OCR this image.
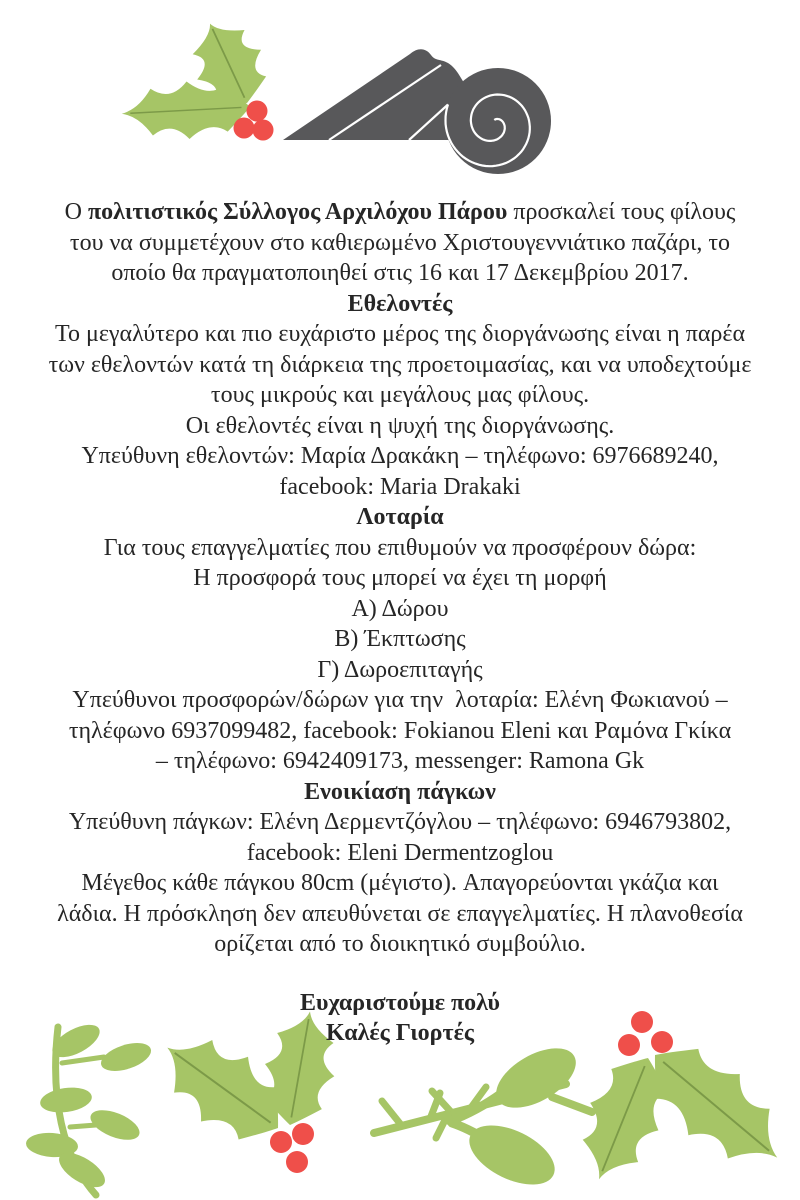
Ο πολιτιστικός Σύλλογος Αρχιλόχου Πάρου προσκαλεί τους φίλους
του να συμμετέχουν στο καθιερωμένο Χριστουγεννιάτικο παζάρι, το
οποίο θα πραγματοποιηθεί στις 16 και 17 Δεκεμβρίου 2017.
Εθελοντές
Το μεγαλύτερο και πιο ευχάριστο μέρος της διοργάνωσης είναι η παρέα
των εθελοντών κατά τη διάρκεια της προετοιμασίας, και να υποδεχτούμε
τους μικρούς και μεγάλους μας φίλους.
Οι εθελοντές είναι η ψυχή της διοργάνωσης.
Υπεύθυνη εθελοντών: Μαρία Δρακάκη – τηλέφωνο: 6976689240,
facebook: Maria Drakaki
Λοταρία
Για τους επαγγελματίες που επιθυμούν να προσφέρουν δώρα:
Η προσφορά τους μπορεί να έχει τη μορφή
Α) Δώρου
Β) Έκπτωσης
Γ) Δωροεπιταγής
Υπεύθυνοι προσφορών/δώρων για την  λοταρία: Ελένη Φωκιανού –
τηλέφωνο 6937099482, facebook: Fokianou Eleni και Ραμόνα Γκίκα
– τηλέφωνο: 6942409173, messenger: Ramona Gk
Ενοικίαση πάγκων
Υπεύθυνη πάγκων: Ελένη Δερμεντζόγλου – τηλέφωνο: 6946793802,
facebook: Eleni Dermentzoglou
Μέγεθος κάθε πάγκου 80cm (μέγιστο). Απαγορεύονται γκάζια και
λάδια. Η πρόσκληση δεν απευθύνεται σε επαγγελματίες. Η πλανοθεσία
ορίζεται από το διοικητικό συμβούλιο.
Ευχαριστούμε πολύ
Καλές Γιορτές
